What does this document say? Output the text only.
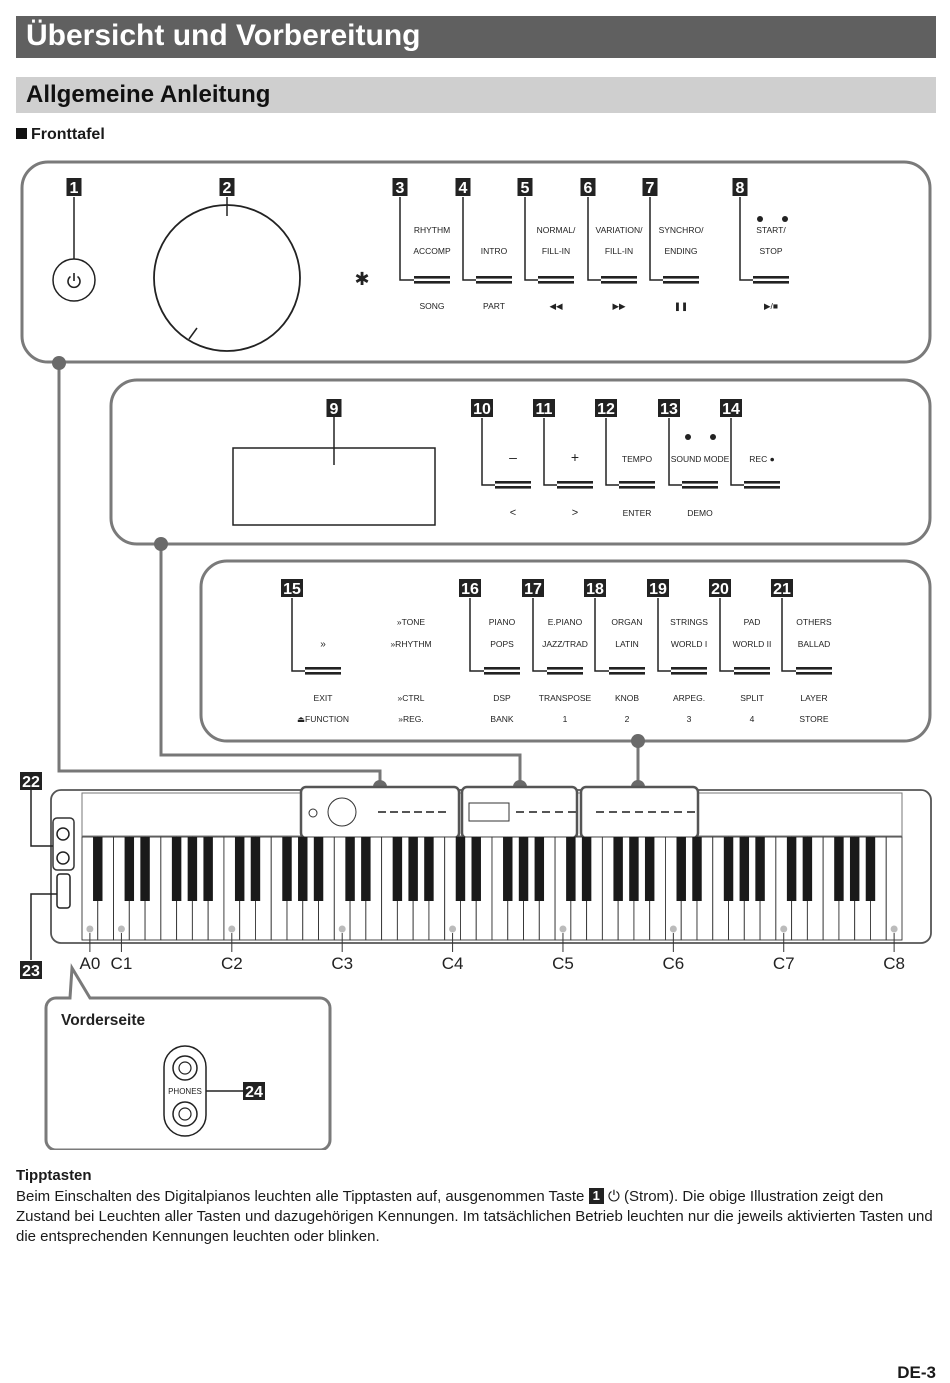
Übersicht und Vorbereitung
Allgemeine Anleitung
Fronttafel
1	2	3	4	5	6	7	8
✱
RHYTHM
ACCOMP
SONG
INTRO
PART
NORMAL/
FILL-IN
◀◀
VARIATION/
FILL-IN
▶▶
SYNCHRO/
ENDING
❚❚
START/
STOP
▶/■
9	10	11	12	13	14
–
<
+
>
TEMPO
ENTER
SOUND MODE
DEMO
REC ●
15	16	17	18	19	20	21
»
EXIT
⏏FUNCTION
PIANO
POPS
DSP
BANK
E.PIANO
JAZZ/TRAD
TRANSPOSE
1
ORGAN
LATIN
KNOB
2
STRINGS
WORLD I
ARPEG.
3
PAD
WORLD II
SPLIT
4
OTHERS
BALLAD
LAYER
STORE
»TONE
»RHYTHM
»CTRL
»REG.
A0 C1	C2	C3	C4	C5	C6	C7	C8
22
23
Vorderseite
PHONES	24
Tipptasten
Beim Einschalten des Digitalpianos leuchten alle Tipptasten auf, ausgenommen Taste 1 ⏻ (Strom). Die obige Illustration zeigt den Zustand bei Leuchten aller Tasten und dazugehörigen Kennungen. Im tatsächlichen Betrieb leuchten nur die jeweils aktivierten Tasten und die entsprechenden Kennungen leuchten oder blinken.
DE-3
